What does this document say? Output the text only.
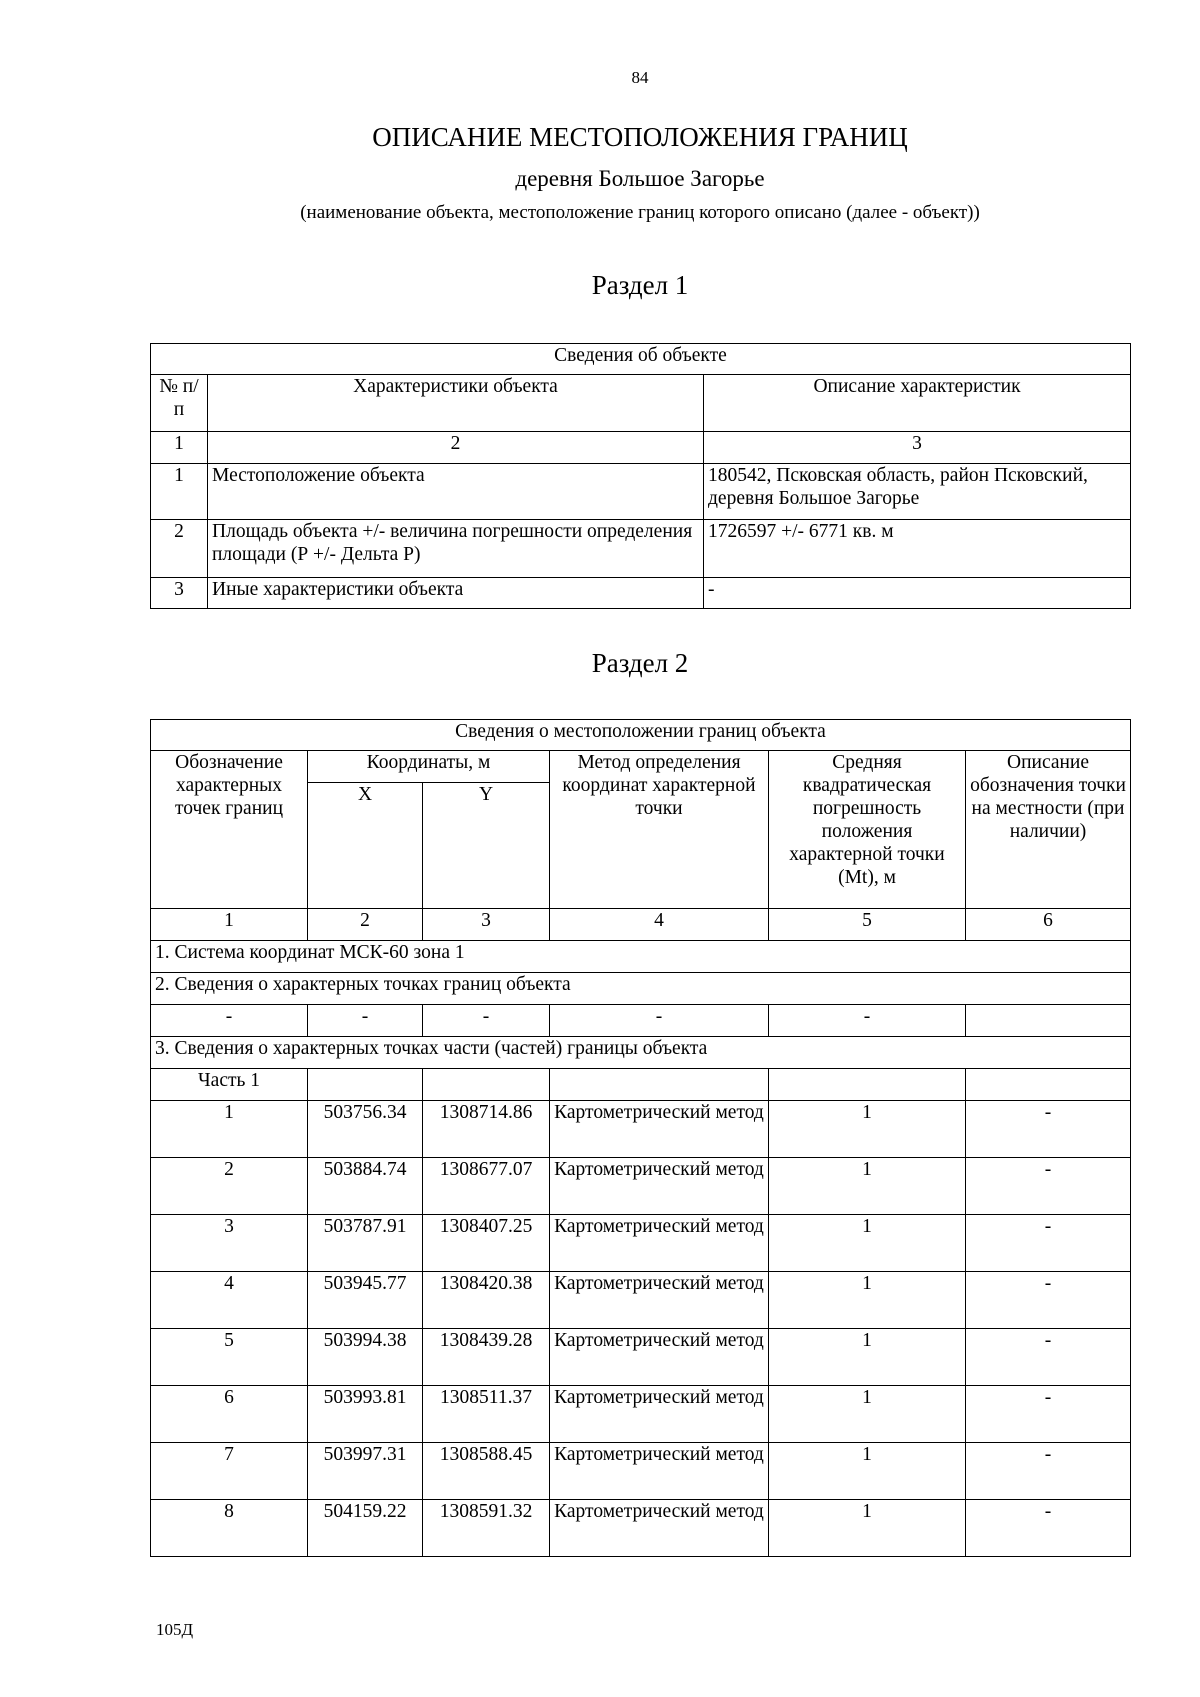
84
ОПИСАНИЕ МЕСТОПОЛОЖЕНИЯ ГРАНИЦ
деревня Большое Загорье
(наименование объекта, местоположение границ которого описано (далее - объект))
Раздел 1
Сведения об объекте		
№ п/п	Характеристики объекта	Описание характеристик
1	2	3
1	Местоположение объекта	180542, Псковская область, район Псковский, деревня Большое Загорье
2	Площадь объекта +/- величина погрешности определения площади (Р +/- Дельта Р)	1726597 +/- 6771 кв. м
3	Иные характеристики объекта	-
Раздел 2
Сведения о местоположении границ объекта					
Обозначение характерных точек границ	Координаты, м		Метод определения координат характерной точки	Средняя квадратическая погрешность положения характерной точки (Mt), м	Описание обозначения точки на местности (при наличии)
	X	Y			
1	2	3	4	5	6
1. Система координат МСК-60 зона 1					
2. Сведения о характерных точках границ объекта					
-	-	-	-	-	
3. Сведения о характерных точках части (частей) границы объекта					
Часть 1					
1	503756.34	1308714.86	Картометрический метод	1	-
2	503884.74	1308677.07	Картометрический метод	1	-
3	503787.91	1308407.25	Картометрический метод	1	-
4	503945.77	1308420.38	Картометрический метод	1	-
5	503994.38	1308439.28	Картометрический метод	1	-
6	503993.81	1308511.37	Картометрический метод	1	-
7	503997.31	1308588.45	Картометрический метод	1	-
8	504159.22	1308591.32	Картометрический метод	1	-
105Д
